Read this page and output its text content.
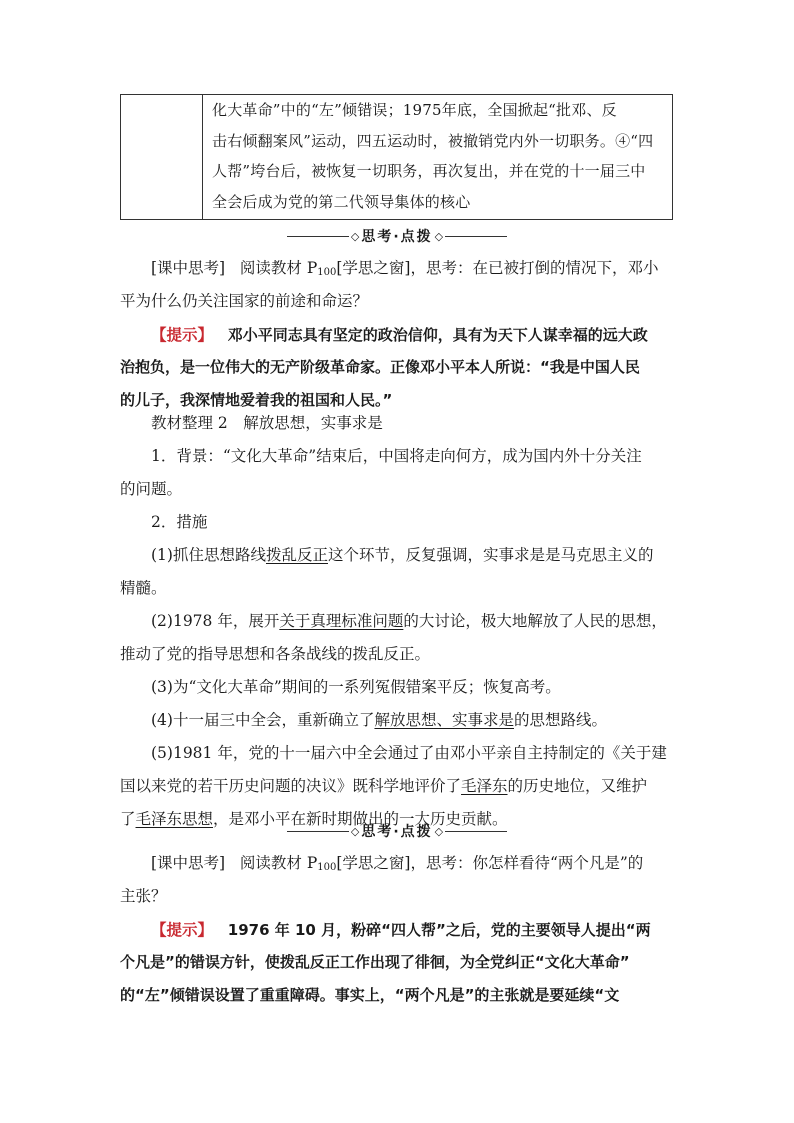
化大革命”中的“左”倾错误；1975年底，全国掀起“批邓、反
击右倾翻案风”运动，四五运动时，被撤销党内外一切职务。④“四
人帮”垮台后，被恢复一切职务，再次复出，并在党的十一届三中
全会后成为党的第二代领导集体的核心
◇ 思考·点拨 ◇
[课中思考] 阅读教材 $P_{100}$[学思之窗]，思考：在已被打倒的情况下，邓小
平为什么仍关注国家的前途和命运？
【提示】 邓小平同志具有坚定的政治信仰，具有为天下人谋幸福的远大政
治抱负，是一位伟大的无产阶级革命家。正像邓小平本人所说：“我是中国人民
的儿子，我深情地爱着我的祖国和人民。”
教材整理 2　解放思想，实事求是
1．背景：“文化大革命”结束后，中国将走向何方，成为国内外十分关注
的问题。
2．措施
(1)抓住思想路线拨乱反正这个环节，反复强调，实事求是是马克思主义的
精髓。
(2)1978 年，展开关于真理标准问题的大讨论，极大地解放了人民的思想，
推动了党的指导思想和各条战线的拨乱反正。
(3)为“文化大革命”期间的一系列冤假错案平反；恢复高考。
(4)十一届三中全会，重新确立了解放思想、实事求是的思想路线。
(5)1981 年，党的十一届六中全会通过了由邓小平亲自主持制定的《关于建
国以来党的若干历史问题的决议》既科学地评价了毛泽东的历史地位，又维护
了毛泽东思想，是邓小平在新时期做出的一大历史贡献。
◇ 思考·点拨 ◇
[课中思考] 阅读教材 $P_{100}$[学思之窗]，思考：你怎样看待“两个凡是”的
主张？
【提示】 1976 年 10 月，粉碎“四人帮”之后，党的主要领导人提出“两
个凡是”的错误方针，使拨乱反正工作出现了徘徊，为全党纠正“文化大革命”
的“左”倾错误设置了重重障碍。事实上，“两个凡是”的主张就是要延续“文
